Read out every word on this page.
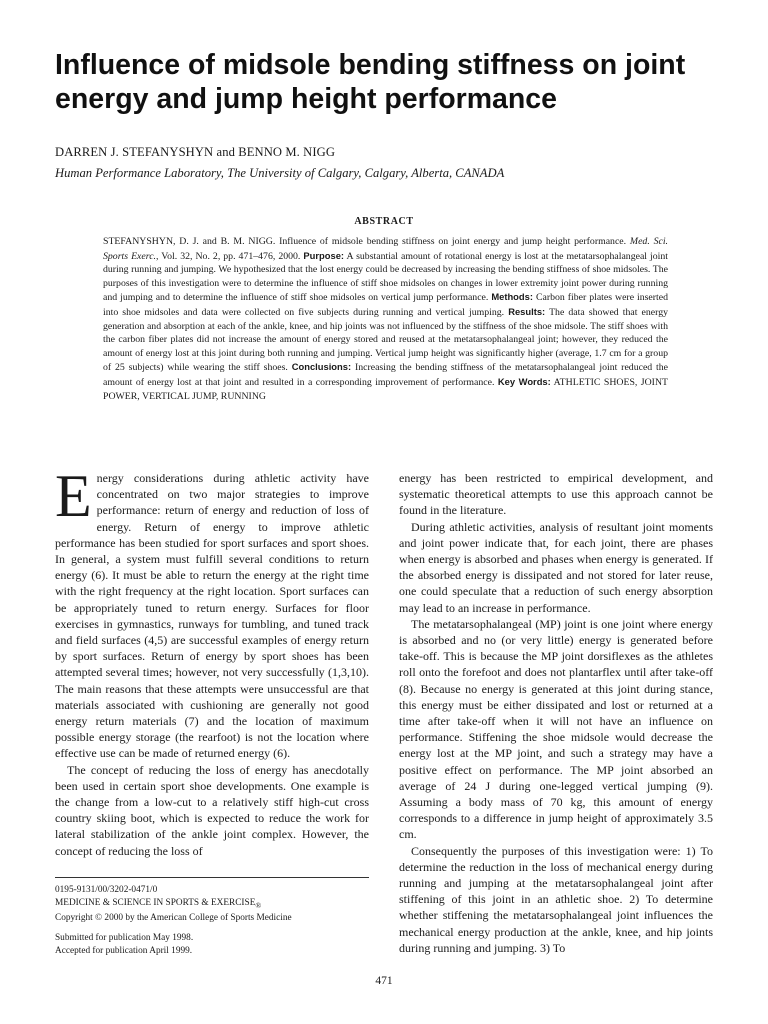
Influence of midsole bending stiffness on joint energy and jump height performance

DARREN J. STEFANYSHYN and BENNO M. NIGG

Human Performance Laboratory, The University of Calgary, Calgary, Alberta, CANADA

ABSTRACT

STEFANYSHYN, D. J. and B. M. NIGG. Influence of midsole bending stiffness on joint energy and jump height performance. Med. Sci. Sports Exerc., Vol. 32, No. 2, pp. 471–476, 2000. Purpose: A substantial amount of rotational energy is lost at the metatarsophalangeal joint during running and jumping. We hypothesized that the lost energy could be decreased by increasing the bending stiffness of shoe midsoles. The purposes of this investigation were to determine the influence of stiff shoe midsoles on changes in lower extremity joint power during running and jumping and to determine the influence of stiff shoe midsoles on vertical jump performance. Methods: Carbon fiber plates were inserted into shoe midsoles and data were collected on five subjects during running and vertical jumping. Results: The data showed that energy generation and absorption at each of the ankle, knee, and hip joints was not influenced by the stiffness of the shoe midsole. The stiff shoes with the carbon fiber plates did not increase the amount of energy stored and reused at the metatarsophalangeal joint; however, they reduced the amount of energy lost at this joint during both running and jumping. Vertical jump height was significantly higher (average, 1.7 cm for a group of 25 subjects) while wearing the stiff shoes. Conclusions: Increasing the bending stiffness of the metatarsophalangeal joint reduced the amount of energy lost at that joint and resulted in a corresponding improvement of performance. Key Words: ATHLETIC SHOES, JOINT POWER, VERTICAL JUMP, RUNNING

Energy considerations during athletic activity have concentrated on two major strategies to improve performance: return of energy and reduction of loss of energy. Return of energy to improve athletic performance has been studied for sport surfaces and sport shoes. In general, a system must fulfill several conditions to return energy (6). It must be able to return the energy at the right time with the right frequency at the right location. Sport surfaces can be appropriately tuned to return energy. Surfaces for floor exercises in gymnastics, runways for tumbling, and tuned track and field surfaces (4,5) are successful examples of energy return by sport surfaces. Return of energy by sport shoes has been attempted several times; however, not very successfully (1,3,10). The main reasons that these attempts were unsuccessful are that materials associated with cushioning are generally not good energy return materials (7) and the location of maximum possible energy storage (the rearfoot) is not the location where effective use can be made of returned energy (6).

The concept of reducing the loss of energy has anecdotally been used in certain sport shoe developments. One example is the change from a low-cut to a relatively stiff high-cut cross country skiing boot, which is expected to reduce the work for lateral stabilization of the ankle joint complex. However, the concept of reducing the loss of

energy has been restricted to empirical development, and systematic theoretical attempts to use this approach cannot be found in the literature.

During athletic activities, analysis of resultant joint moments and joint power indicate that, for each joint, there are phases when energy is absorbed and phases when energy is generated. If the absorbed energy is dissipated and not stored for later reuse, one could speculate that a reduction of such energy absorption may lead to an increase in performance.

The metatarsophalangeal (MP) joint is one joint where energy is absorbed and no (or very little) energy is generated before take-off. This is because the MP joint dorsiflexes as the athletes roll onto the forefoot and does not plantarflex until after take-off (8). Because no energy is generated at this joint during stance, this energy must be either dissipated and lost or returned at a time after take-off when it will not have an influence on performance. Stiffening the shoe midsole would decrease the energy lost at the MP joint, and such a strategy may have a positive effect on performance. The MP joint absorbed an average of 24 J during one-legged vertical jumping (9). Assuming a body mass of 70 kg, this amount of energy corresponds to a difference in jump height of approximately 3.5 cm.

Consequently the purposes of this investigation were: 1) To determine the reduction in the loss of mechanical energy during running and jumping at the metatarsophalangeal joint after stiffening of this joint in an athletic shoe. 2) To determine whether stiffening the metatarsophalangeal joint influences the mechanical energy production at the ankle, knee, and hip joints during running and jumping. 3) To

0195-9131/00/3202-0471/0
MEDICINE & SCIENCE IN SPORTS & $EXERCISE_®$
Copyright © 2000 by the American College of Sports Medicine
Submitted for publication May 1998.
Accepted for publication April 1999.
471
